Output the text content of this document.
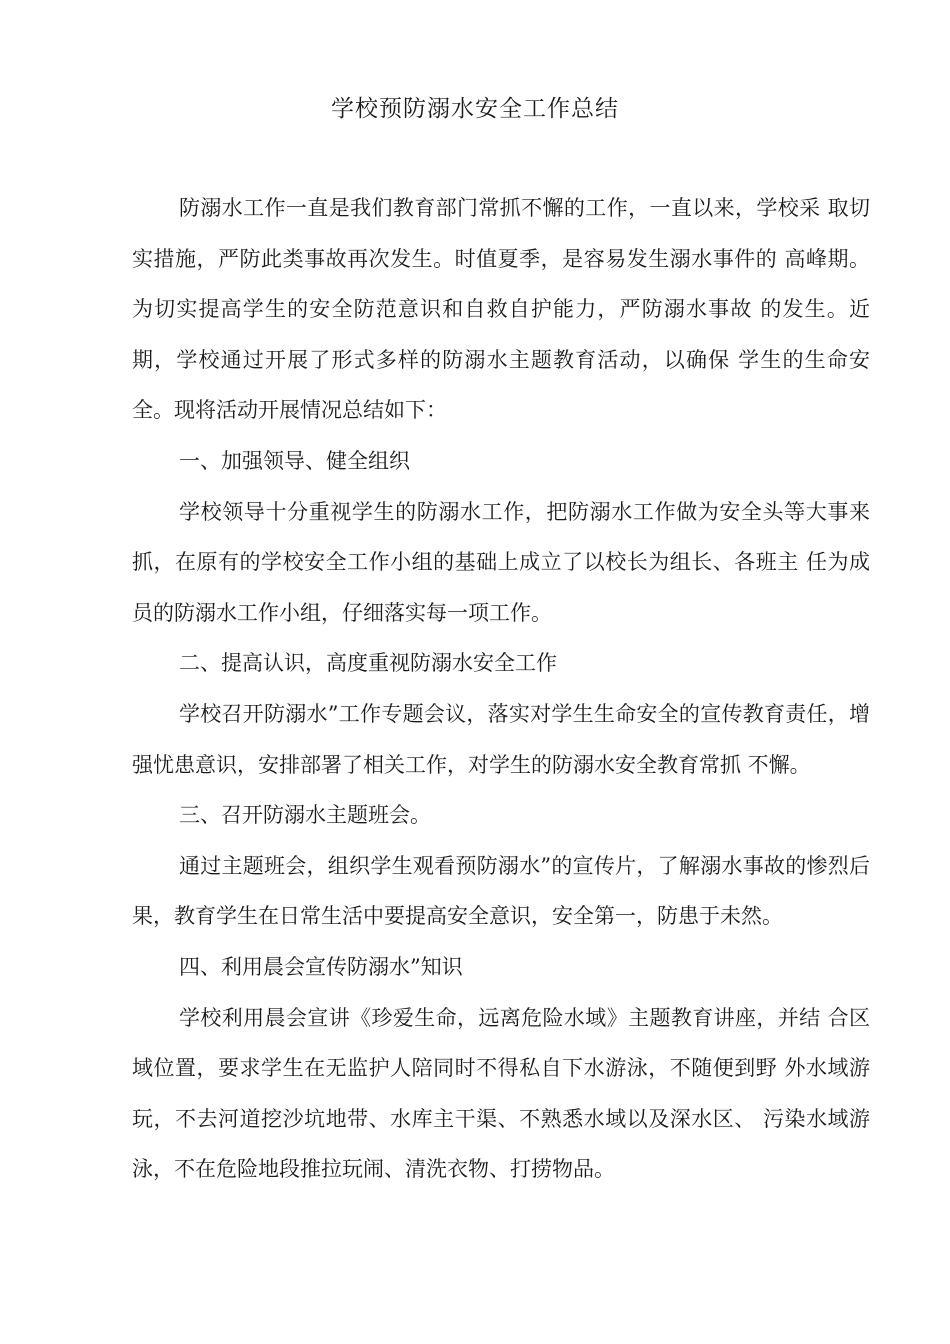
学校预防溺水安全工作总结

防溺水工作一直是我们教育部门常抓不懈的工作，一直以来，学校采 取切实措施，严防此类事故再次发生。时值夏季，是容易发生溺水事件的 高峰期。为切实提高学生的安全防范意识和自救自护能力，严防溺水事故 的发生。近期，学校通过开展了形式多样的防溺水主题教育活动，以确保 学生的生命安全。现将活动开展情况总结如下：

一、加强领导、健全组织

学校领导十分重视学生的防溺水工作，把防溺水工作做为安全头等大事来抓，在原有的学校安全工作小组的基础上成立了以校长为组长、各班主 任为成员的防溺水工作小组，仔细落实每一项工作。

二、提高认识，高度重视防溺水安全工作

学校召开防溺水”工作专题会议，落实对学生生命安全的宣传教育责任，增强忧患意识，安排部署了相关工作，对学生的防溺水安全教育常抓 不懈。

三、召开防溺水主题班会。

通过主题班会，组织学生观看预防溺水”的宣传片，了解溺水事故的惨烈后果，教育学生在日常生活中要提高安全意识，安全第一，防患于未然。

四、利用晨会宣传防溺水”知识

学校利用晨会宣讲《珍爱生命，远离危险水域》主题教育讲座，并结 合区域位置，要求学生在无监护人陪同时不得私自下水游泳，不随便到野 外水域游玩，不去河道挖沙坑地带、水库主干渠、不熟悉水域以及深水区、 污染水域游泳，不在危险地段推拉玩闹、清洗衣物、打捞物品。
